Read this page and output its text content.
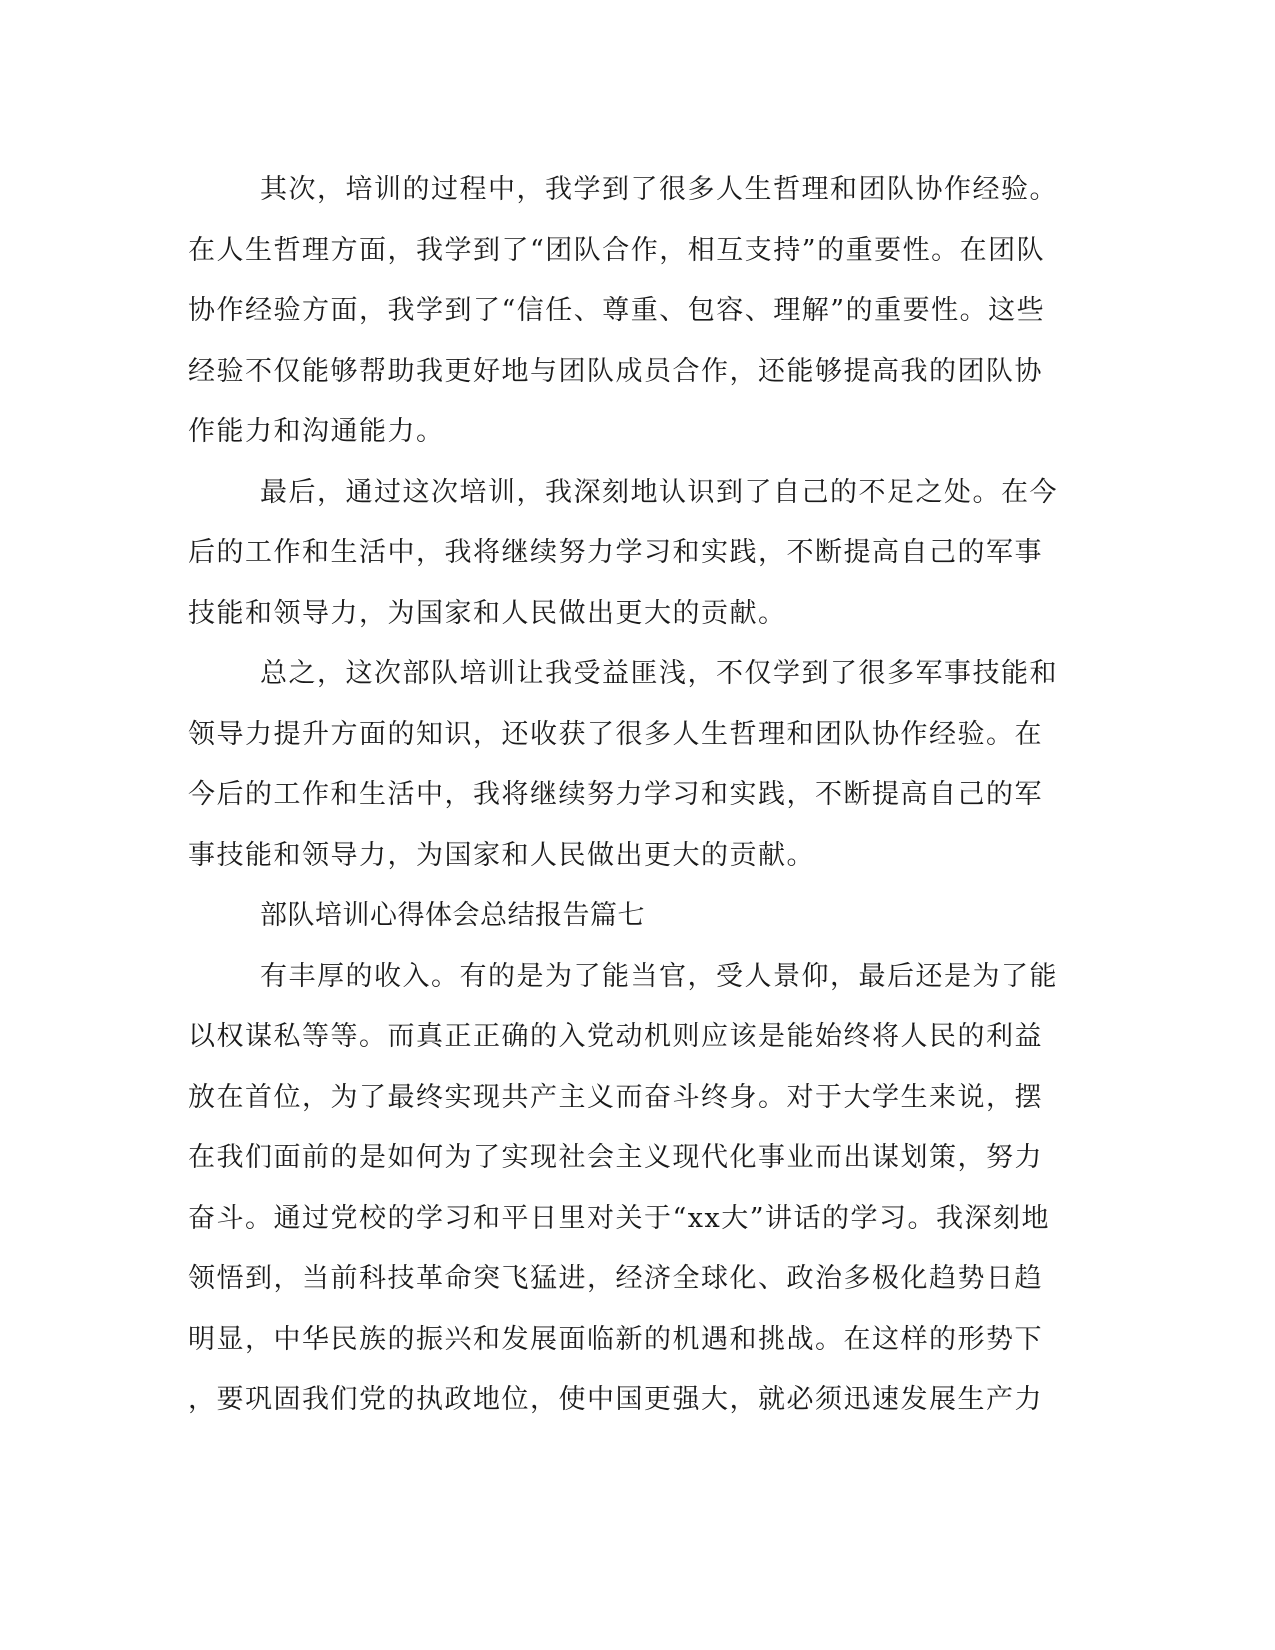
其次，培训的过程中，我学到了很多人生哲理和团队协作经验。
在人生哲理方面，我学到了“团队合作，相互支持”的重要性。在团队
协作经验方面，我学到了“信任、尊重、包容、理解”的重要性。这些
经验不仅能够帮助我更好地与团队成员合作，还能够提高我的团队协
作能力和沟通能力。
最后，通过这次培训，我深刻地认识到了自己的不足之处。在今
后的工作和生活中，我将继续努力学习和实践，不断提高自己的军事
技能和领导力，为国家和人民做出更大的贡献。
总之，这次部队培训让我受益匪浅，不仅学到了很多军事技能和
领导力提升方面的知识，还收获了很多人生哲理和团队协作经验。在
今后的工作和生活中，我将继续努力学习和实践，不断提高自己的军
事技能和领导力，为国家和人民做出更大的贡献。
部队培训心得体会总结报告篇七
有丰厚的收入。有的是为了能当官，受人景仰，最后还是为了能
以权谋私等等。而真正正确的入党动机则应该是能始终将人民的利益
放在首位，为了最终实现共产主义而奋斗终身。对于大学生来说，摆
在我们面前的是如何为了实现社会主义现代化事业而出谋划策，努力
奋斗。通过党校的学习和平日里对关于“xx大”讲话的学习。我深刻地
领悟到，当前科技革命突飞猛进，经济全球化、政治多极化趋势日趋
明显，中华民族的振兴和发展面临新的机遇和挑战。在这样的形势下
，要巩固我们党的执政地位，使中国更强大，就必须迅速发展生产力
